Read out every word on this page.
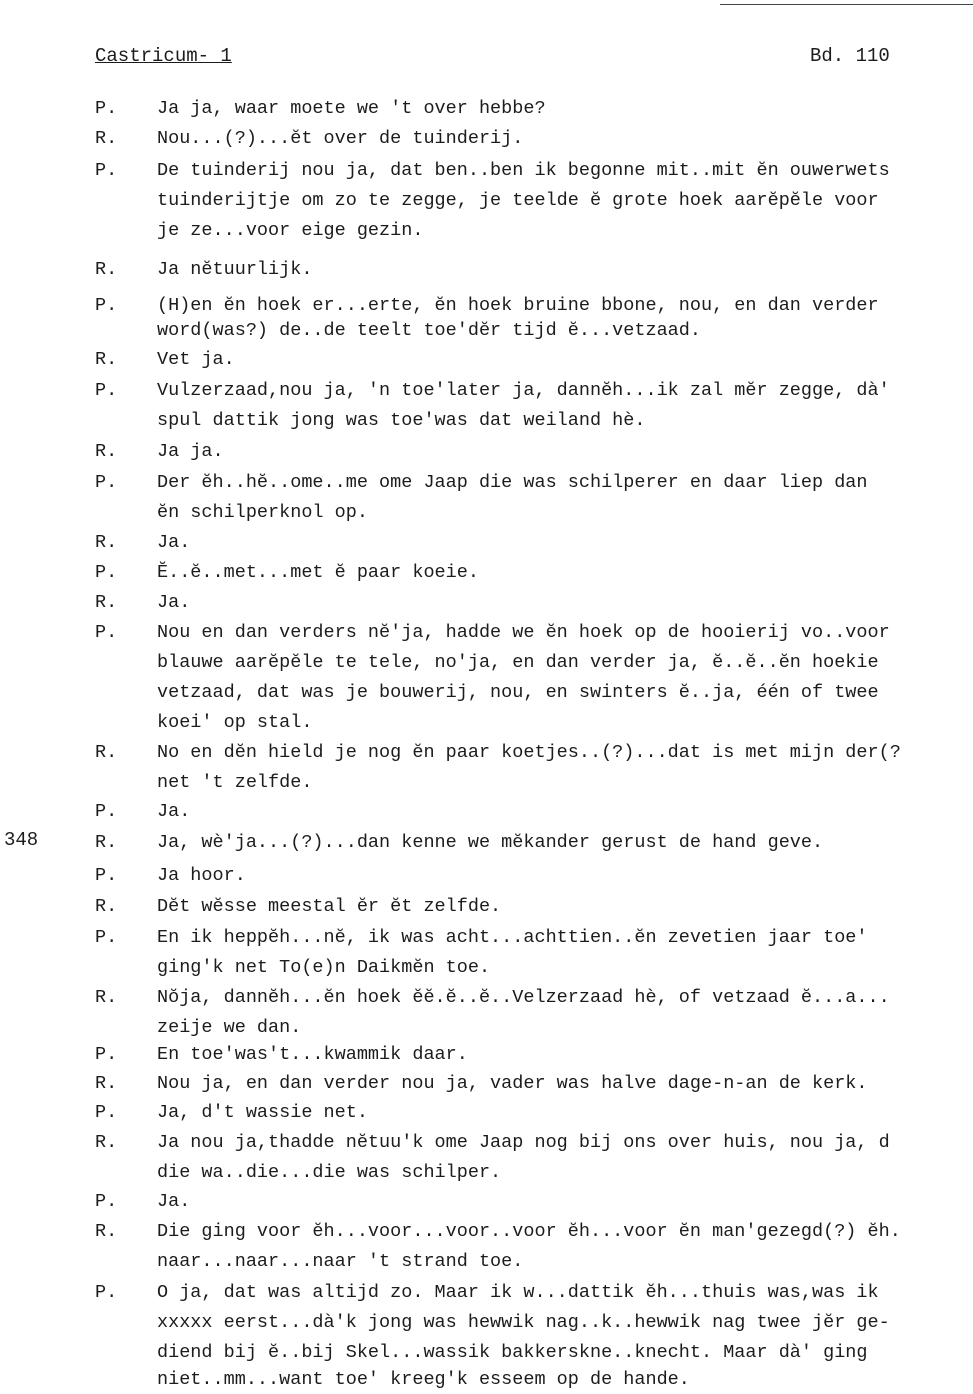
Castricum- 1	Bd. 110
348
P. Ja ja, waar moete we 't over hebbe?
R. Nou...(?)...ĕt over de tuinderij.
P. De tuinderij nou ja, dat ben..ben ik begonne mit..mit ĕn ouwerwets
tuinderijtje om zo te zegge, je teelde ĕ grote hoek aarĕpĕle voor
je ze...voor eige gezin.
R. Ja nĕtuurlijk.
P. (H)en ĕn hoek er...erte, ĕn hoek bruine bbone, nou, en dan verder
word(was?) de..de teelt toe'dĕr tijd ĕ...vetzaad.
R. Vet ja.
P. Vulzerzaad,nou ja, 'n toe'later ja, dannĕh...ik zal mĕr zegge, dà'
spul dattik jong was toe'was dat weiland hè.
R. Ja ja.
P. Der ĕh..hĕ..ome..me ome Jaap die was schilperer en daar liep dan
ĕn schilperknol op.
R. Ja.
P. Ĕ..ĕ..met...met ĕ paar koeie.
R. Ja.
P. Nou en dan verders nĕ'ja, hadde we ĕn hoek op de hooierij vo..voor
blauwe aarĕpĕle te tele, no'ja, en dan verder ja, ĕ..ĕ..ĕn hoekie
vetzaad, dat was je bouwerij, nou, en swinters ĕ..ja, één of twee
koei' op stal.
R. No en dĕn hield je nog ĕn paar koetjes..(?)...dat is met mijn der(?
net 't zelfde.
P. Ja.
R. Ja, wè'ja...(?)...dan kenne we mĕkander gerust de hand geve.
P. Ja hoor.
R. Dĕt wĕsse meestal ĕr ĕt zelfde.
P. En ik heppĕh...nĕ, ik was acht...achttien..ĕn zevetien jaar toe'
ging'k net To(e)n Daikmĕn toe.
R. Nŏja, dannĕh...ĕn hoek ĕĕ.ĕ..ĕ..Velzerzaad hè, of vetzaad ĕ...a...
zeije we dan.
P. En toe'was't...kwammik daar.
R. Nou ja, en dan verder nou ja, vader was halve dage-n-an de kerk.
P. Ja, d't wassie net.
R. Ja nou ja,thadde nĕtuu'k ome Jaap nog bij ons over huis, nou ja, d
die wa..die...die was schilper.
P. Ja.
R. Die ging voor ĕh...voor...voor..voor ĕh...voor ĕn man'gezegd(?) ĕh.
naar...naar...naar 't strand toe.
P. O ja, dat was altijd zo. Maar ik w...dattik ĕh...thuis was,was ik
xxxxx eerst...dà'k jong was hewwik nag..k..hewwik nag twee jĕr ge-
diend bij ĕ..bij Skel...wassik bakkerskne..knecht. Maar dà' ging
niet..mm...want toe' kreeg'k esseem op de hande.
